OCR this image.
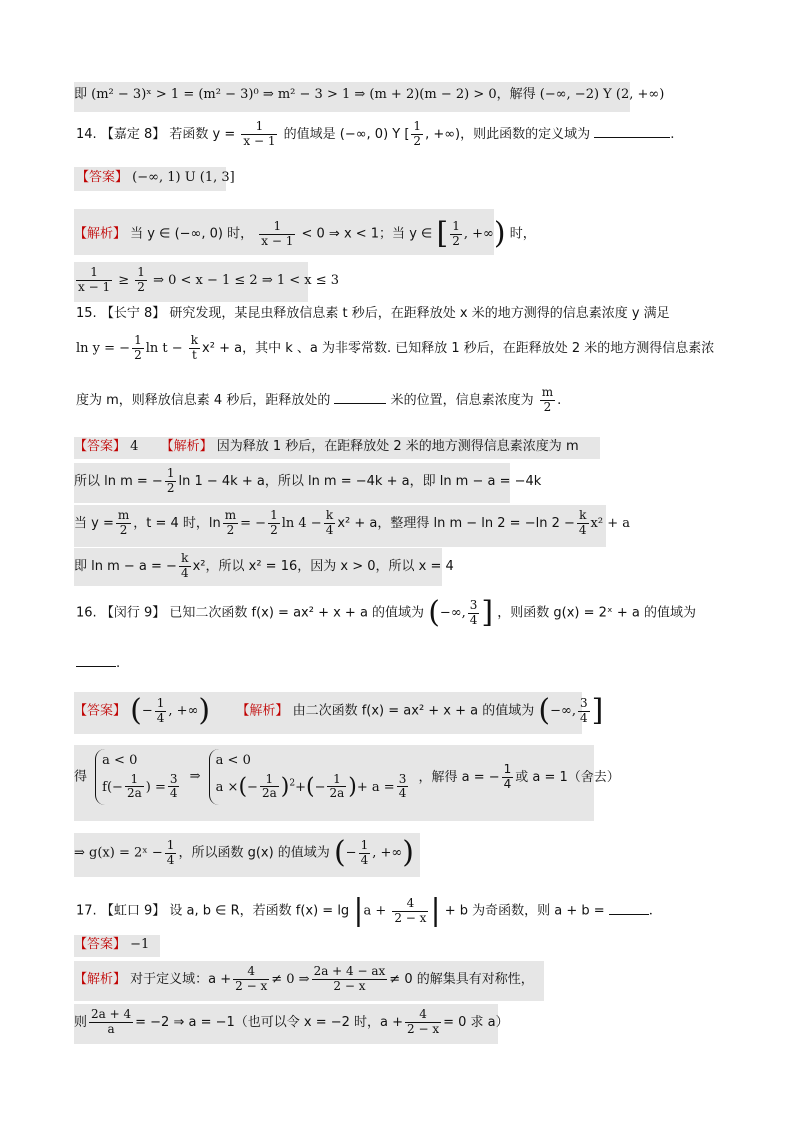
即 (m² − 3)ˣ > 1 = (m² − 3)⁰ ⇒ m² − 3 > 1 ⇒ (m + 2)(m − 2) > 0，解得 (−∞, −2) Y (2, +∞)
14. 【嘉定 8】 若函数 $y = \frac{1}{x - 1}$ 的值域是 (−∞, 0) Y [ $\frac{1}{2}$ , +∞)，则此函数的定义域为	.
【答案】 (−∞, 1) U (1, 3]
【解析】 当 y ∈ (−∞, 0) 时， $\frac{1}{x - 1} < 0$ ⇒ x < 1；当 y ∈ [ $\frac{1}{2}$ , +∞) 时，
$\frac{1}{x - 1} \ge \frac{1}{2}$ ⇒ 0 < x − 1 ≤ 2 ⇒ 1 < x ≤ 3
15. 【长宁 8】 研究发现，某昆虫释放信息素 t 秒后，在距释放处 x 米的地方测得的信息素浓度 y 满足
ln y = − $\frac{1}{2}$ $\ln t - \frac{k}{t} x^2 + a$，其中 k 、a 为非零常数. 已知释放 1 秒后，在距释放处 2 米的地方测得信息素浓
度为 m，则释放信息素 4 秒后，距释放处的	米的位置，信息素浓度为 $\frac{m}{2}$ .
【答案】 4 【解析】 因为释放 1 秒后，在距释放处 2 米的地方测得信息素浓度为 m
所以 ln m = − $\frac{1}{2}$ ln 1 − 4k + a，所以 ln m = −4k + a，即 ln m − a = −4k
当 $y = \frac{m}{2}$ ，t = 4 时，$\ln \frac{m}{2}$ = − $\frac{1}{2}$ $\ln 4 - \frac{k}{4} x^2 + a$，整理得 ln m − ln 2 = −ln $2 - \frac{k}{4} x^2 + a$
即 ln m − a = − $\frac{k}{4} x^2$，所以 x² = 16，因为 x > 0，所以 x = 4
16. 【闵行 9】 已知二次函数 f(x) = ax² + x + a 的值域为 (−∞, $\frac{3}{4}$ ] ，则函数 g(x) = 2ˣ + a 的值域为
.
【答案】 (− $\frac{1}{4}$ , +∞) 【解析】 由二次函数 f(x) = ax² + x + a 的值域为 (−∞, $\frac{3}{4}$ ]
得
a < 0
$f(- \frac{1}{2a}$ ) = $\frac{3}{4}$ ⇒
a < 0
a ×(− $\frac{1}{2a} )^2+(- \frac{1}{2a}$ )+ $a = \frac{3}{4}$ ，解得 a = − $\frac{1}{4}$ 或 a = 1（舍去）
⇒ g(x) = 2ˣ − $\frac{1}{4}$ ，所以函数 g(x) 的值域为 (− $\frac{1}{4}$ , +∞)
17. 【虹口 9】 设 a, b ∈ R，若函数 $f(x) = \lg |a + \frac{4}{2 - x}$ | + b 为奇函数，则 a + b =	.
【答案】 −1
【解析】 对于定义域：$a + \frac{4}{2 - x} \ne 0$ ⇒ $\frac{2a + 4 - ax}{2 - x} \ne 0$ 的解集具有对称性，
则 $\frac{2a + 4}{a} = -2$ ⇒ a = −1（也可以令 x = −2 时，$a + \frac{4}{2 - x} = 0$ 求 a）
